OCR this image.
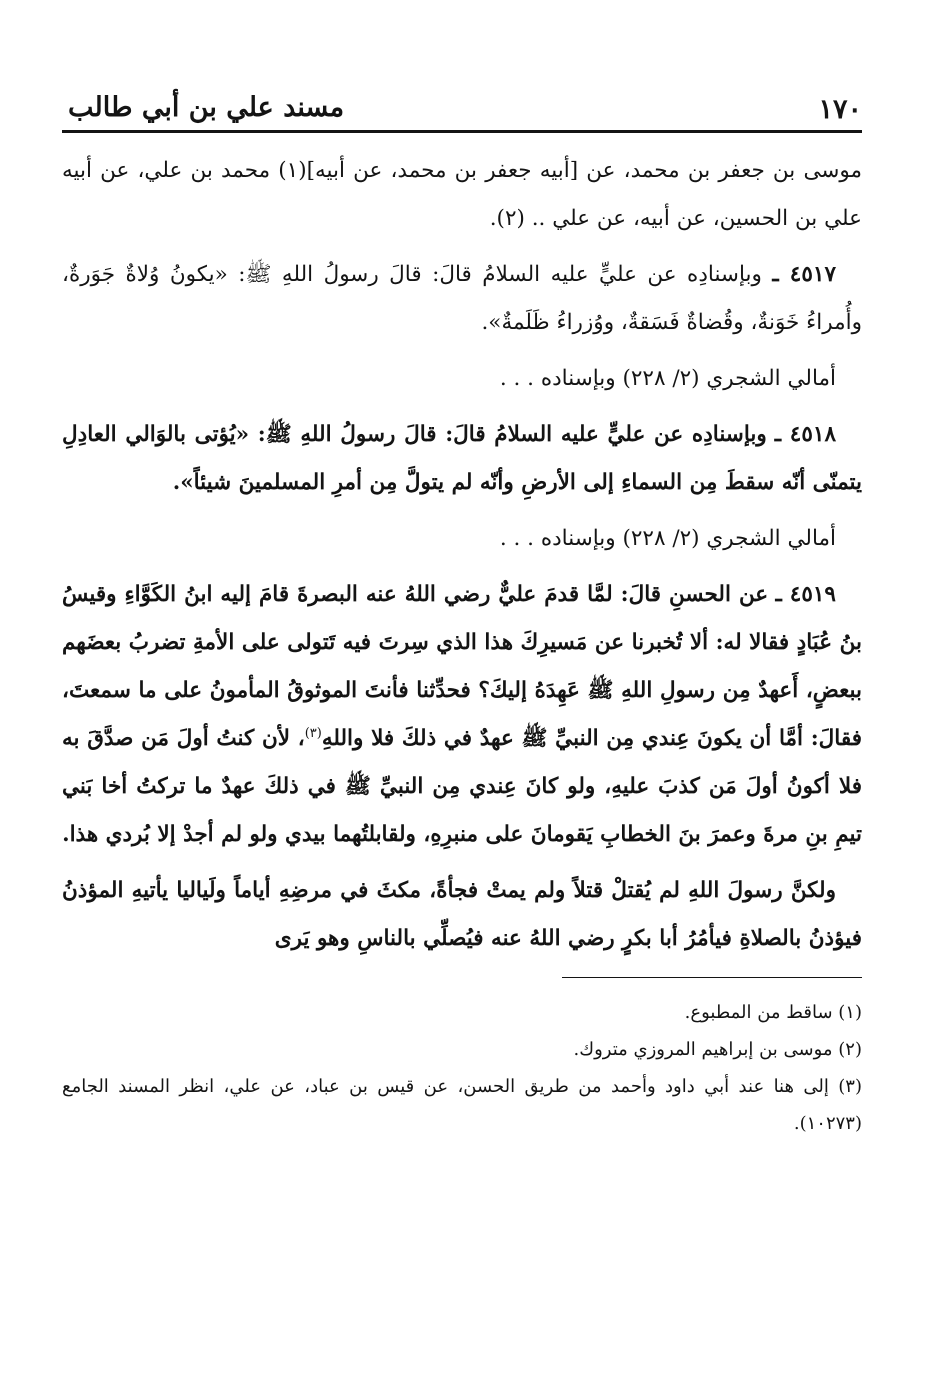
١٧٠
مسند علي بن أبي طالب

موسى بن جعفر بن محمد، عن [أبيه جعفر بن محمد، عن أبيه](١) محمد بن علي، عن أبيه علي بن الحسين، عن أبيه، عن علي .. (٢).

٤٥١٧ ـ وبإسنادِه عن عليٍّ عليه السلامُ قالَ: قالَ رسولُ اللهِ ﷺ: «يكونُ وُلاةٌ جَوَرةٌ، وأُمراءُ خَوَنةٌ، وقُضاةٌ فَسَقةٌ، ووُزراءُ ظَلَمةٌ».

أمالي الشجري (٢/ ٢٢٨) وبإسناده . . .

٤٥١٨ ـ وبإسنادِه عن عليٍّ عليه السلامُ قالَ: قالَ رسولُ اللهِ ﷺ: «يُؤتى بالوَالي العادِلِ يتمنّى أنّه سقطَ مِن السماءِ إلى الأرضِ وأنّه لم يتولَّ مِن أمرِ المسلمينَ شيئاً».

أمالي الشجري (٢/ ٢٢٨) وبإسناده . . .

٤٥١٩ ـ عن الحسنِ قالَ: لمَّا قدمَ عليٌّ رضي اللهُ عنه البصرةَ قامَ إليه ابنُ الكَوَّاءِ وقيسُ بنُ عُبَادٍ فقالا له: ألا تُخبرنا عن مَسيرِكَ هذا الذي سِرتَ فيه تَتولى على الأمةِ تضربُ بعضَهم ببعضٍ، أَعهدٌ مِن رسولِ اللهِ ﷺ عَهِدَهُ إليكَ؟ فحدِّثنا فأنتَ الموثوقُ المأمونُ على ما سمعتَ، فقالَ: أمَّا أن يكونَ عِندي مِن النبيِّ ﷺ عهدٌ في ذلكَ فلا واللهِ$^{(٣)}$، لأن كنتُ أولَ مَن صدَّقَ به فلا أكونُ أولَ مَن كذبَ عليهِ، ولو كانَ عِندي مِن النبيِّ ﷺ في ذلكَ عهدٌ ما تركتُ أخا بَني تيمِ بنِ مرةَ وعمرَ بنَ الخطابِ يَقومانَ على منبرِهِ، ولقابلتُهما بيدي ولو لم أجدْ إلا بُردي هذا.

ولكنَّ رسولَ اللهِ لم يُقتلْ قتلاً ولم يمتْ فجأةً، مكثَ في مرضِهِ أياماً ولَياليا يأتيهِ المؤذنُ فيؤذنُ بالصلاةِ فيأمُرُ أبا بكرٍ رضي اللهُ عنه فيُصلِّي بالناسِ وهو يَرى

(١) ساقط من المطبوع.

(٢) موسى بن إبراهيم المروزي متروك.

(٣) إلى هنا عند أبي داود وأحمد من طريق الحسن، عن قيس بن عباد، عن علي، انظر المسند الجامع (١٠٢٧٣).
